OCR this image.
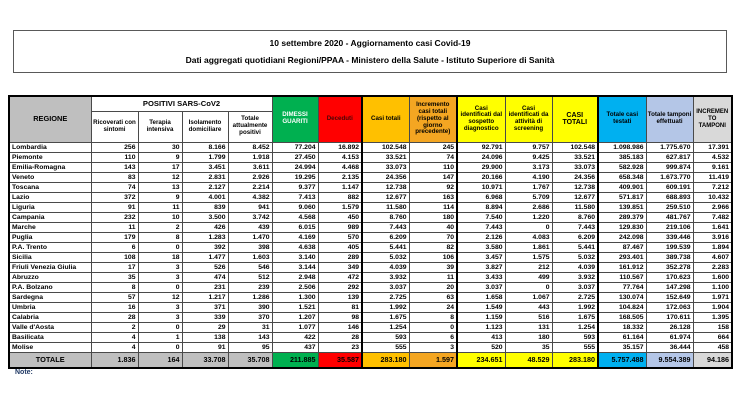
10 settembre 2020 - Aggiornamento casi Covid-19

Dati aggregati quotidiani Regioni/PPAA - Ministero della Salute - Istituto Superiore di Sanità

REGIONE	POSITIVI SARS-CoV2				DIMESSI GUARITI	Deceduti	Casi totali	Incremento casi totali (rispetto al giorno precedente)	Casi identificati dal sospetto diagnostico	Casi identificati da attività di screening	CASI TOTALI	Totale casi testati	Totale tamponi effettuati	INCREMENTO TAMPONI
	Ricoverati con sintomi	Terapia intensiva	Isolamento domiciliare	Totale attualmente positivi										
Lombardia	256	30	8.166	8.452	77.204	16.892	102.548	245	92.791	9.757	102.548	1.098.986	1.775.670	17.391
Piemonte	110	9	1.799	1.918	27.450	4.153	33.521	74	24.096	9.425	33.521	385.183	627.817	4.532
Emilia-Romagna	143	17	3.451	3.611	24.994	4.468	33.073	110	29.900	3.173	33.073	582.928	999.874	9.161
Veneto	83	12	2.831	2.926	19.295	2.135	24.356	147	20.166	4.190	24.356	658.348	1.673.770	11.419
Toscana	74	13	2.127	2.214	9.377	1.147	12.738	92	10.971	1.767	12.738	409.901	609.191	7.212
Lazio	372	9	4.001	4.382	7.413	882	12.677	163	6.968	5.709	12.677	571.817	688.893	10.432
Liguria	91	11	839	941	9.060	1.579	11.580	114	8.894	2.686	11.580	139.851	259.510	2.966
Campania	232	10	3.500	3.742	4.568	450	8.760	180	7.540	1.220	8.760	289.379	481.767	7.482
Marche	11	2	426	439	6.015	989	7.443	40	7.443	0	7.443	129.830	219.106	1.641
Puglia	179	8	1.283	1.470	4.169	570	6.209	70	2.126	4.083	6.209	242.098	339.446	3.916
P.A. Trento	6	0	392	398	4.638	405	5.441	82	3.580	1.861	5.441	87.467	199.539	1.894
Sicilia	108	18	1.477	1.603	3.140	289	5.032	106	3.457	1.575	5.032	293.401	389.738	4.607
Friuli Venezia Giulia	17	3	526	546	3.144	349	4.039	39	3.827	212	4.039	161.912	352.278	2.283
Abruzzo	35	3	474	512	2.948	472	3.932	11	3.433	499	3.932	110.567	170.623	1.600
P.A. Bolzano	8	0	231	239	2.506	292	3.037	20	3.037	0	3.037	77.764	147.298	1.100
Sardegna	57	12	1.217	1.286	1.300	139	2.725	63	1.658	1.067	2.725	130.074	152.649	1.971
Umbria	16	3	371	390	1.521	81	1.992	24	1.549	443	1.992	104.824	172.063	1.904
Calabria	28	3	339	370	1.207	98	1.675	8	1.159	516	1.675	168.505	170.611	1.395
Valle d'Aosta	2	0	29	31	1.077	146	1.254	0	1.123	131	1.254	18.332	26.128	158
Basilicata	4	1	138	143	422	28	593	6	413	180	593	61.164	61.974	664
Molise	4	0	91	95	437	23	555	3	520	35	555	35.157	36.444	458
TOTALE	1.836	164	33.708	35.708	211.885	35.587	283.180	1.597	234.651	48.529	283.180	5.757.488	9.554.389	94.186
Note:
